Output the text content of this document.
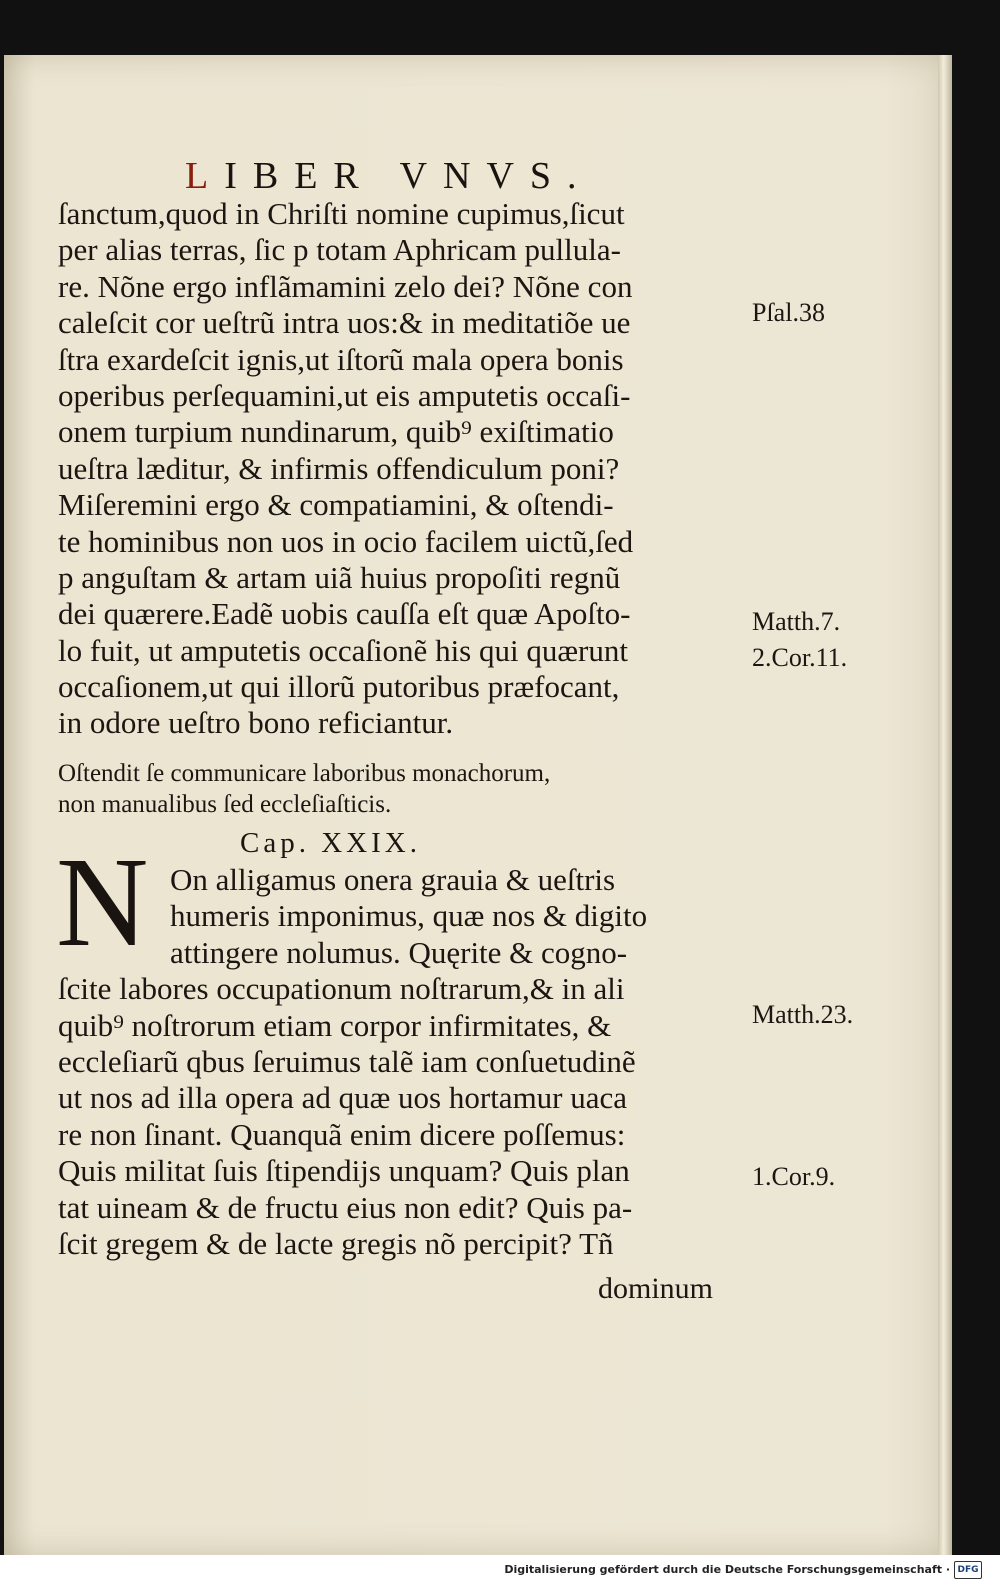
LIBER VNVS.
ſanctum,quod in Chriſti nomine cupimus,ſicut
per alias terras, ſic p totam Aphricam pullula-
re. Nõne ergo inflãmamini zelo dei? Nõne con
caleſcit cor ueſtrũ intra uos:& in meditatiõe ue
ſtra exardeſcit ignis,ut iſtorũ mala opera bonis
operibus perſequamini,ut eis amputetis occaſi-
onem turpium nundinarum, quib⁹ exiſtimatio
ueſtra læditur, & infirmis offendiculum poni?
Miſeremini ergo & compatiamini, & oſtendi-
te hominibus non uos in ocio facilem uictũ,ſed
p anguſtam & artam uiã huius propoſiti regnũ
dei quærere.Eadẽ uobis cauſſa eſt quæ Apoſto-
lo fuit, ut amputetis occaſionẽ his qui quærunt
occaſionem,ut qui illorũ putoribus præfocant,
in odore ueſtro bono reficiantur.
Oſtendit ſe communicare laboribus monachorum,
non manualibus ſed eccleſiaſticis.
Cap. XXIX.
N On alligamus onera grauia & ueſtris
humeris imponimus, quæ nos & digito
attingere nolumus. Quęrite & cogno-
ſcite labores occupationum noſtrarum,& in ali
quib⁹ noſtrorum etiam corpor infirmitates, &
eccleſiarũ qbus ſeruimus talẽ iam conſuetudinẽ
ut nos ad illa opera ad quæ uos hortamur uaca
re non ſinant. Quanquã enim dicere poſſemus:
Quis militat ſuis ſtipendijs unquam? Quis plan
tat uineam & de fructu eius non edit? Quis pa-
ſcit gregem & de lacte gregis nõ percipit? Tñ
dominum
Pſal.38
Matth.7.
2.Cor.11.
Matth.23.
1.Cor.9.
Digitalisierung gefördert durch die Deutsche Forschungsgemeinschaft · DFG
